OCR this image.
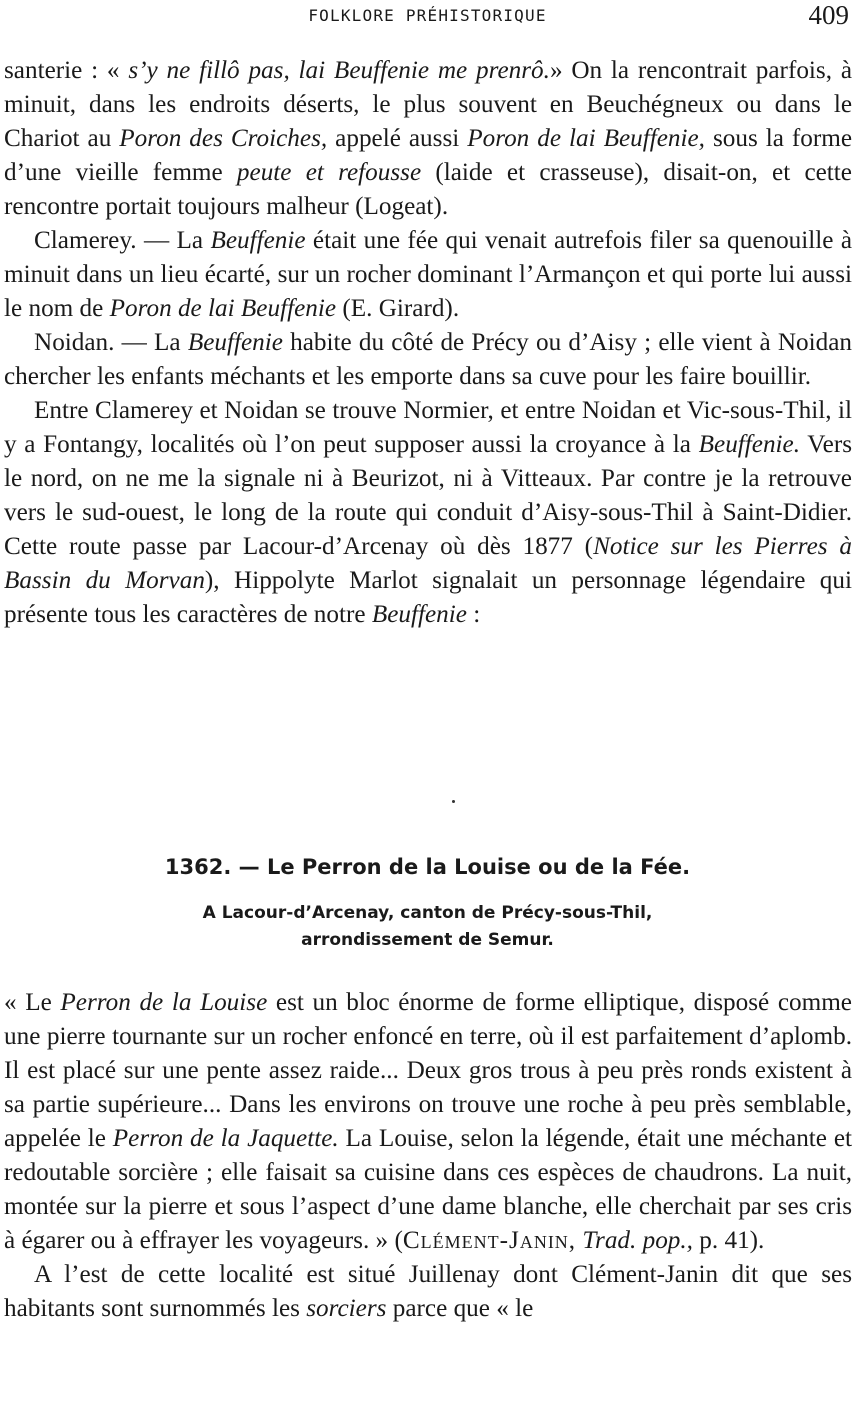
FOLKLORE PRÉHISTORIQUE	409

santerie : « s’y ne fillô pas, lai Beuffenie me prenrô.» On la rencontrait parfois, à minuit, dans les endroits déserts, le plus souvent en Beuchégneux ou dans le Chariot au Poron des Croiches, appelé aussi Poron de lai Beuffenie, sous la forme d’une vieille femme peute et refousse (laide et crasseuse), disait-on, et cette rencontre portait toujours malheur (Logeat).

Clamerey. — La Beuffenie était une fée qui venait autrefois filer sa quenouille à minuit dans un lieu écarté, sur un rocher dominant l’Armançon et qui porte lui aussi le nom de Poron de lai Beuffenie (E. Girard).

Noidan. — La Beuffenie habite du côté de Précy ou d’Aisy ; elle vient à Noidan chercher les enfants méchants et les emporte dans sa cuve pour les faire bouillir.

Entre Clamerey et Noidan se trouve Normier, et entre Noidan et Vic-sous-Thil, il y a Fontangy, localités où l’on peut supposer aussi la croyance à la Beuffenie. Vers le nord, on ne me la signale ni à Beurizot, ni à Vitteaux. Par contre je la retrouve vers le sud-ouest, le long de la route qui conduit d’Aisy-sous-Thil à Saint-Didier. Cette route passe par Lacour-d’Arcenay où dès 1877 (Notice sur les Pierres à Bassin du Morvan), Hippolyte Marlot signalait un personnage légendaire qui présente tous les caractères de notre Beuffenie :

1362. — Le Perron de la Louise ou de la Fée.
A Lacour-d’Arcenay, canton de Précy-sous-Thil,
arrondissement de Semur.

« Le Perron de la Louise est un bloc énorme de forme elliptique, disposé comme une pierre tournante sur un rocher enfoncé en terre, où il est parfaitement d’aplomb. Il est placé sur une pente assez raide... Deux gros trous à peu près ronds existent à sa partie supérieure... Dans les environs on trouve une roche à peu près semblable, appelée le Perron de la Jaquette. La Louise, selon la légende, était une méchante et redoutable sorcière ; elle faisait sa cuisine dans ces espèces de chaudrons. La nuit, montée sur la pierre et sous l’aspect d’une dame blanche, elle cherchait par ses cris à égarer ou à effrayer les voyageurs. » (Clément-Janin, Trad. pop., p. 41).

A l’est de cette localité est situé Juillenay dont Clément-Janin dit que ses habitants sont surnommés les sorciers parce que « le
